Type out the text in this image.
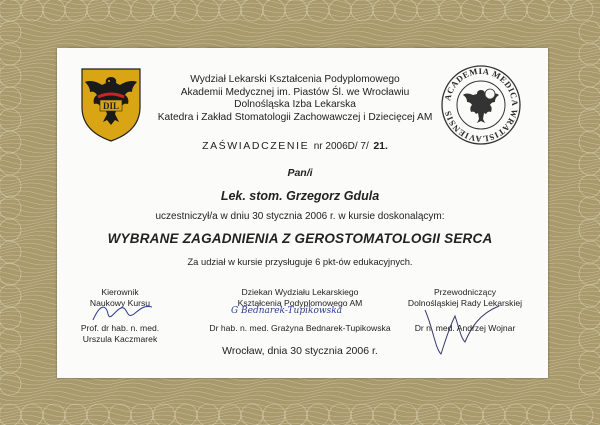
DIL
ACADEMIA MEDICA WRATISLAVIENSIS
Wydział Lekarski Kształcenia Podyplomowego
Akademii Medycznej im. Piastów Śl. we Wrocławiu
Dolnośląska Izba Lekarska
Katedra i Zakład Stomatologii Zachowawczej i Dziecięcej AM
ZAŚWIADCZENIE nr 2006D/ 7/ 21.
Pan/i
Lek. stom. Grzegorz Gdula
uczestniczył/a w dniu 30 stycznia 2006 r. w kursie doskonalącym:
WYBRANE ZAGADNIENIA Z GEROSTOMATOLOGII SERCA
Za udział w kursie przysługuje 6 pkt-ów edukacyjnych.
Kierownik
Naukowy Kursu
Prof. dr hab. n. med.
Urszula Kaczmarek
Dziekan Wydziału Lekarskiego
Kształcenia Podyplomowego AM
G Bednarek-Tupikowska
Dr hab. n. med. Grażyna Bednarek-Tupikowska
Przewodniczący
Dolnośląskiej Rady Lekarskiej
Dr n. med. Andrzej Wojnar
Wrocław, dnia 30 stycznia 2006 r.
